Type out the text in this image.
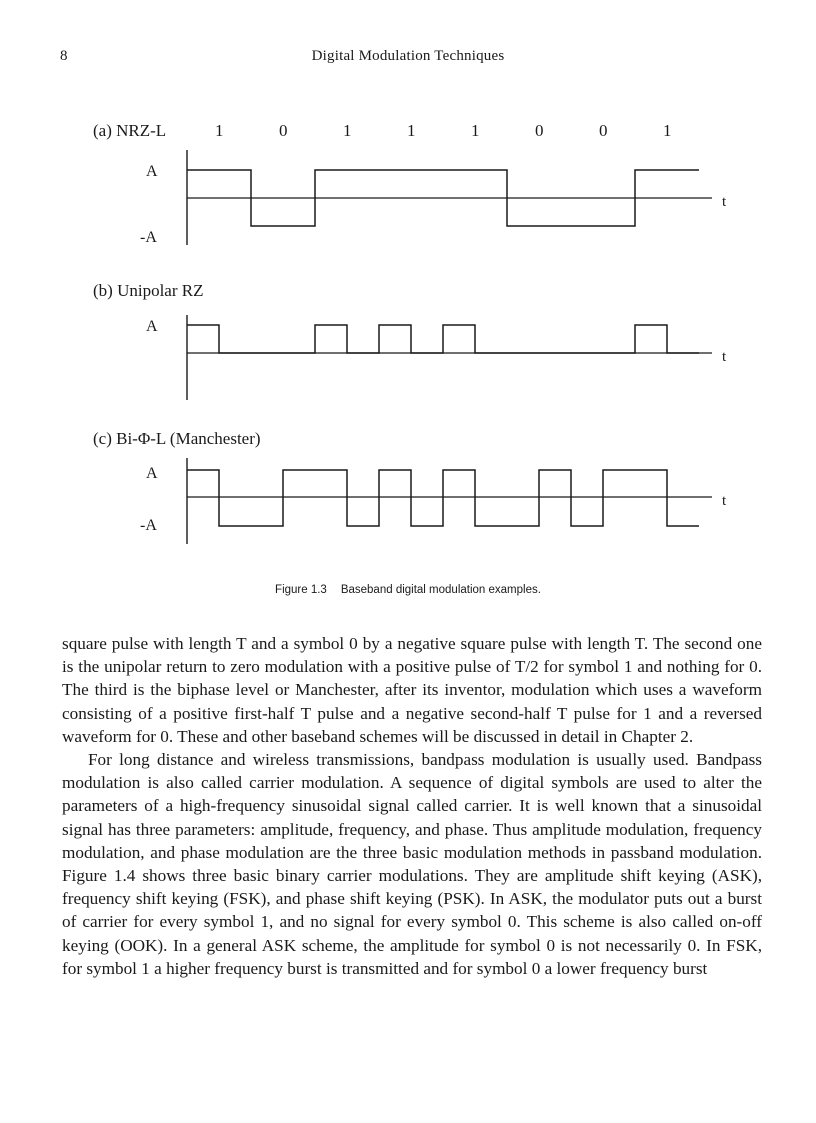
8	Digital Modulation Techniques
(a) NRZ-L
A
-A
t
1	0	1	1	1	0	0	1
(b) Unipolar RZ
A
t
(c) Bi-Φ-L (Manchester)
A
-A
t
Figure 1.3 Baseband digital modulation examples.

square pulse with length T and a symbol 0 by a negative square pulse with length T. The second one is the unipolar return to zero modulation with a positive pulse of T/2 for symbol 1 and nothing for 0. The third is the biphase level or Manchester, after its inventor, modulation which uses a waveform consisting of a positive first-half T pulse and a negative second-half T pulse for 1 and a reversed waveform for 0. These and other baseband schemes will be discussed in detail in Chapter 2.

For long distance and wireless transmissions, bandpass modulation is usually used. Bandpass modulation is also called carrier modulation. A sequence of digital symbols are used to alter the parameters of a high-frequency sinusoidal signal called carrier. It is well known that a sinusoidal signal has three parameters: amplitude, frequency, and phase. Thus amplitude modulation, frequency modulation, and phase modulation are the three basic modulation methods in passband modulation. Figure 1.4 shows three basic binary carrier modulations. They are amplitude shift keying (ASK), frequency shift keying (FSK), and phase shift keying (PSK). In ASK, the modulator puts out a burst of carrier for every symbol 1, and no signal for every symbol 0. This scheme is also called on-off keying (OOK). In a general ASK scheme, the amplitude for symbol 0 is not necessarily 0. In FSK, for symbol 1 a higher frequency burst is transmitted and for symbol 0 a lower frequency burst
